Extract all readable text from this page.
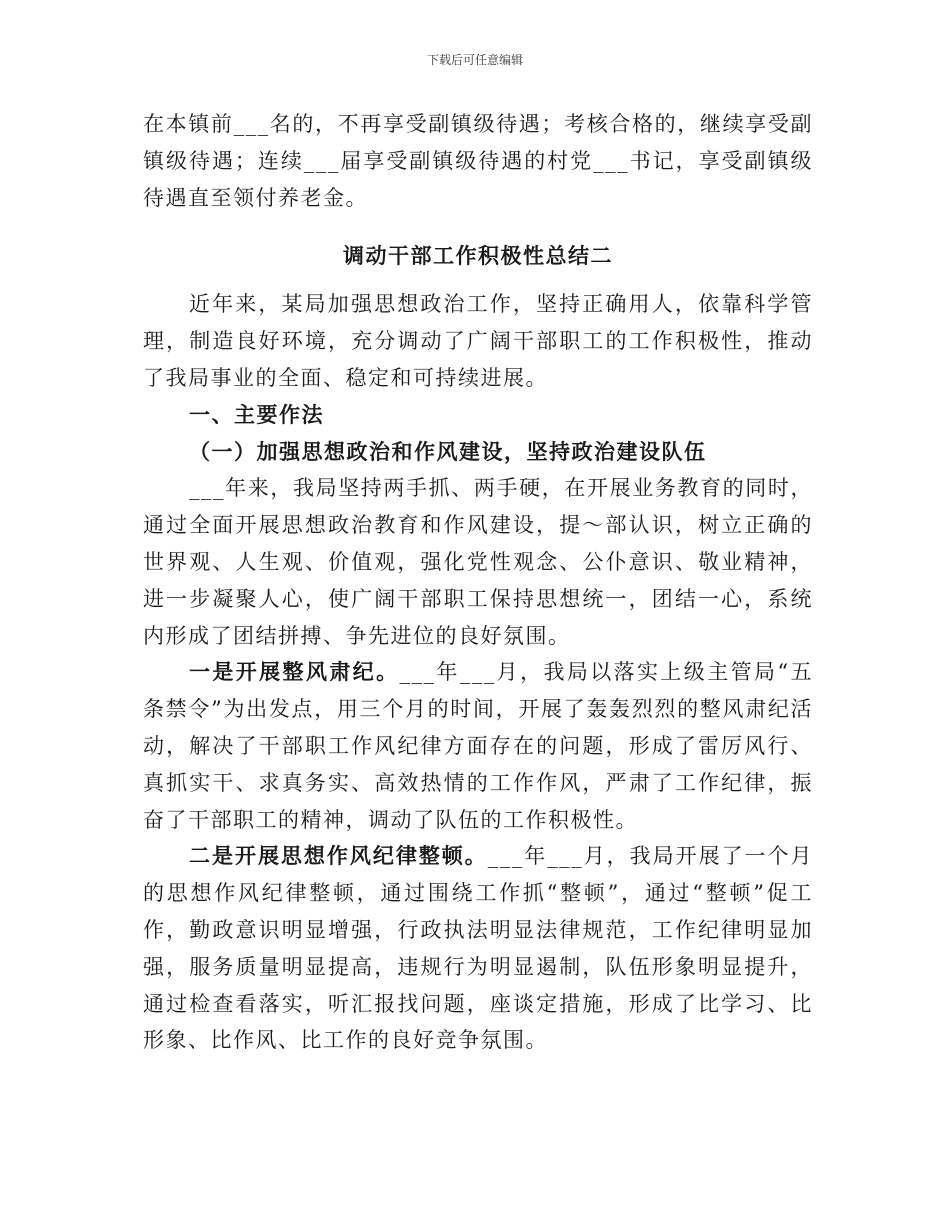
下载后可任意编辑

在本镇前___名的，不再享受副镇级待遇；考核合格的，继续享受副镇级待遇；连续___届享受副镇级待遇的村党___书记，享受副镇级待遇直至领付养老金。

调动干部工作积极性总结二

近年来，某局加强思想政治工作，坚持正确用人，依靠科学管理，制造良好环境，充分调动了广阔干部职工的工作积极性，推动了我局事业的全面、稳定和可持续进展。

一、主要作法

（一）加强思想政治和作风建设，坚持政治建设队伍

___年来，我局坚持两手抓、两手硬，在开展业务教育的同时，通过全面开展思想政治教育和作风建设，提～部认识，树立正确的世界观、人生观、价值观，强化党性观念、公仆意识、敬业精神，进一步凝聚人心，使广阔干部职工保持思想统一，团结一心，系统内形成了团结拼搏、争先进位的良好氛围。

一是开展整风肃纪。___年___月，我局以落实上级主管局“五条禁令”为出发点，用三个月的时间，开展了轰轰烈烈的整风肃纪活动，解决了干部职工作风纪律方面存在的问题，形成了雷厉风行、真抓实干、求真务实、高效热情的工作作风，严肃了工作纪律，振奋了干部职工的精神，调动了队伍的工作积极性。

二是开展思想作风纪律整顿。___年___月，我局开展了一个月的思想作风纪律整顿，通过围绕工作抓“整顿”，通过“整顿”促工作，勤政意识明显增强，行政执法明显法律规范，工作纪律明显加强，服务质量明显提高，违规行为明显遏制，队伍形象明显提升，通过检查看落实，听汇报找问题，座谈定措施，形成了比学习、比形象、比作风、比工作的良好竞争氛围。
